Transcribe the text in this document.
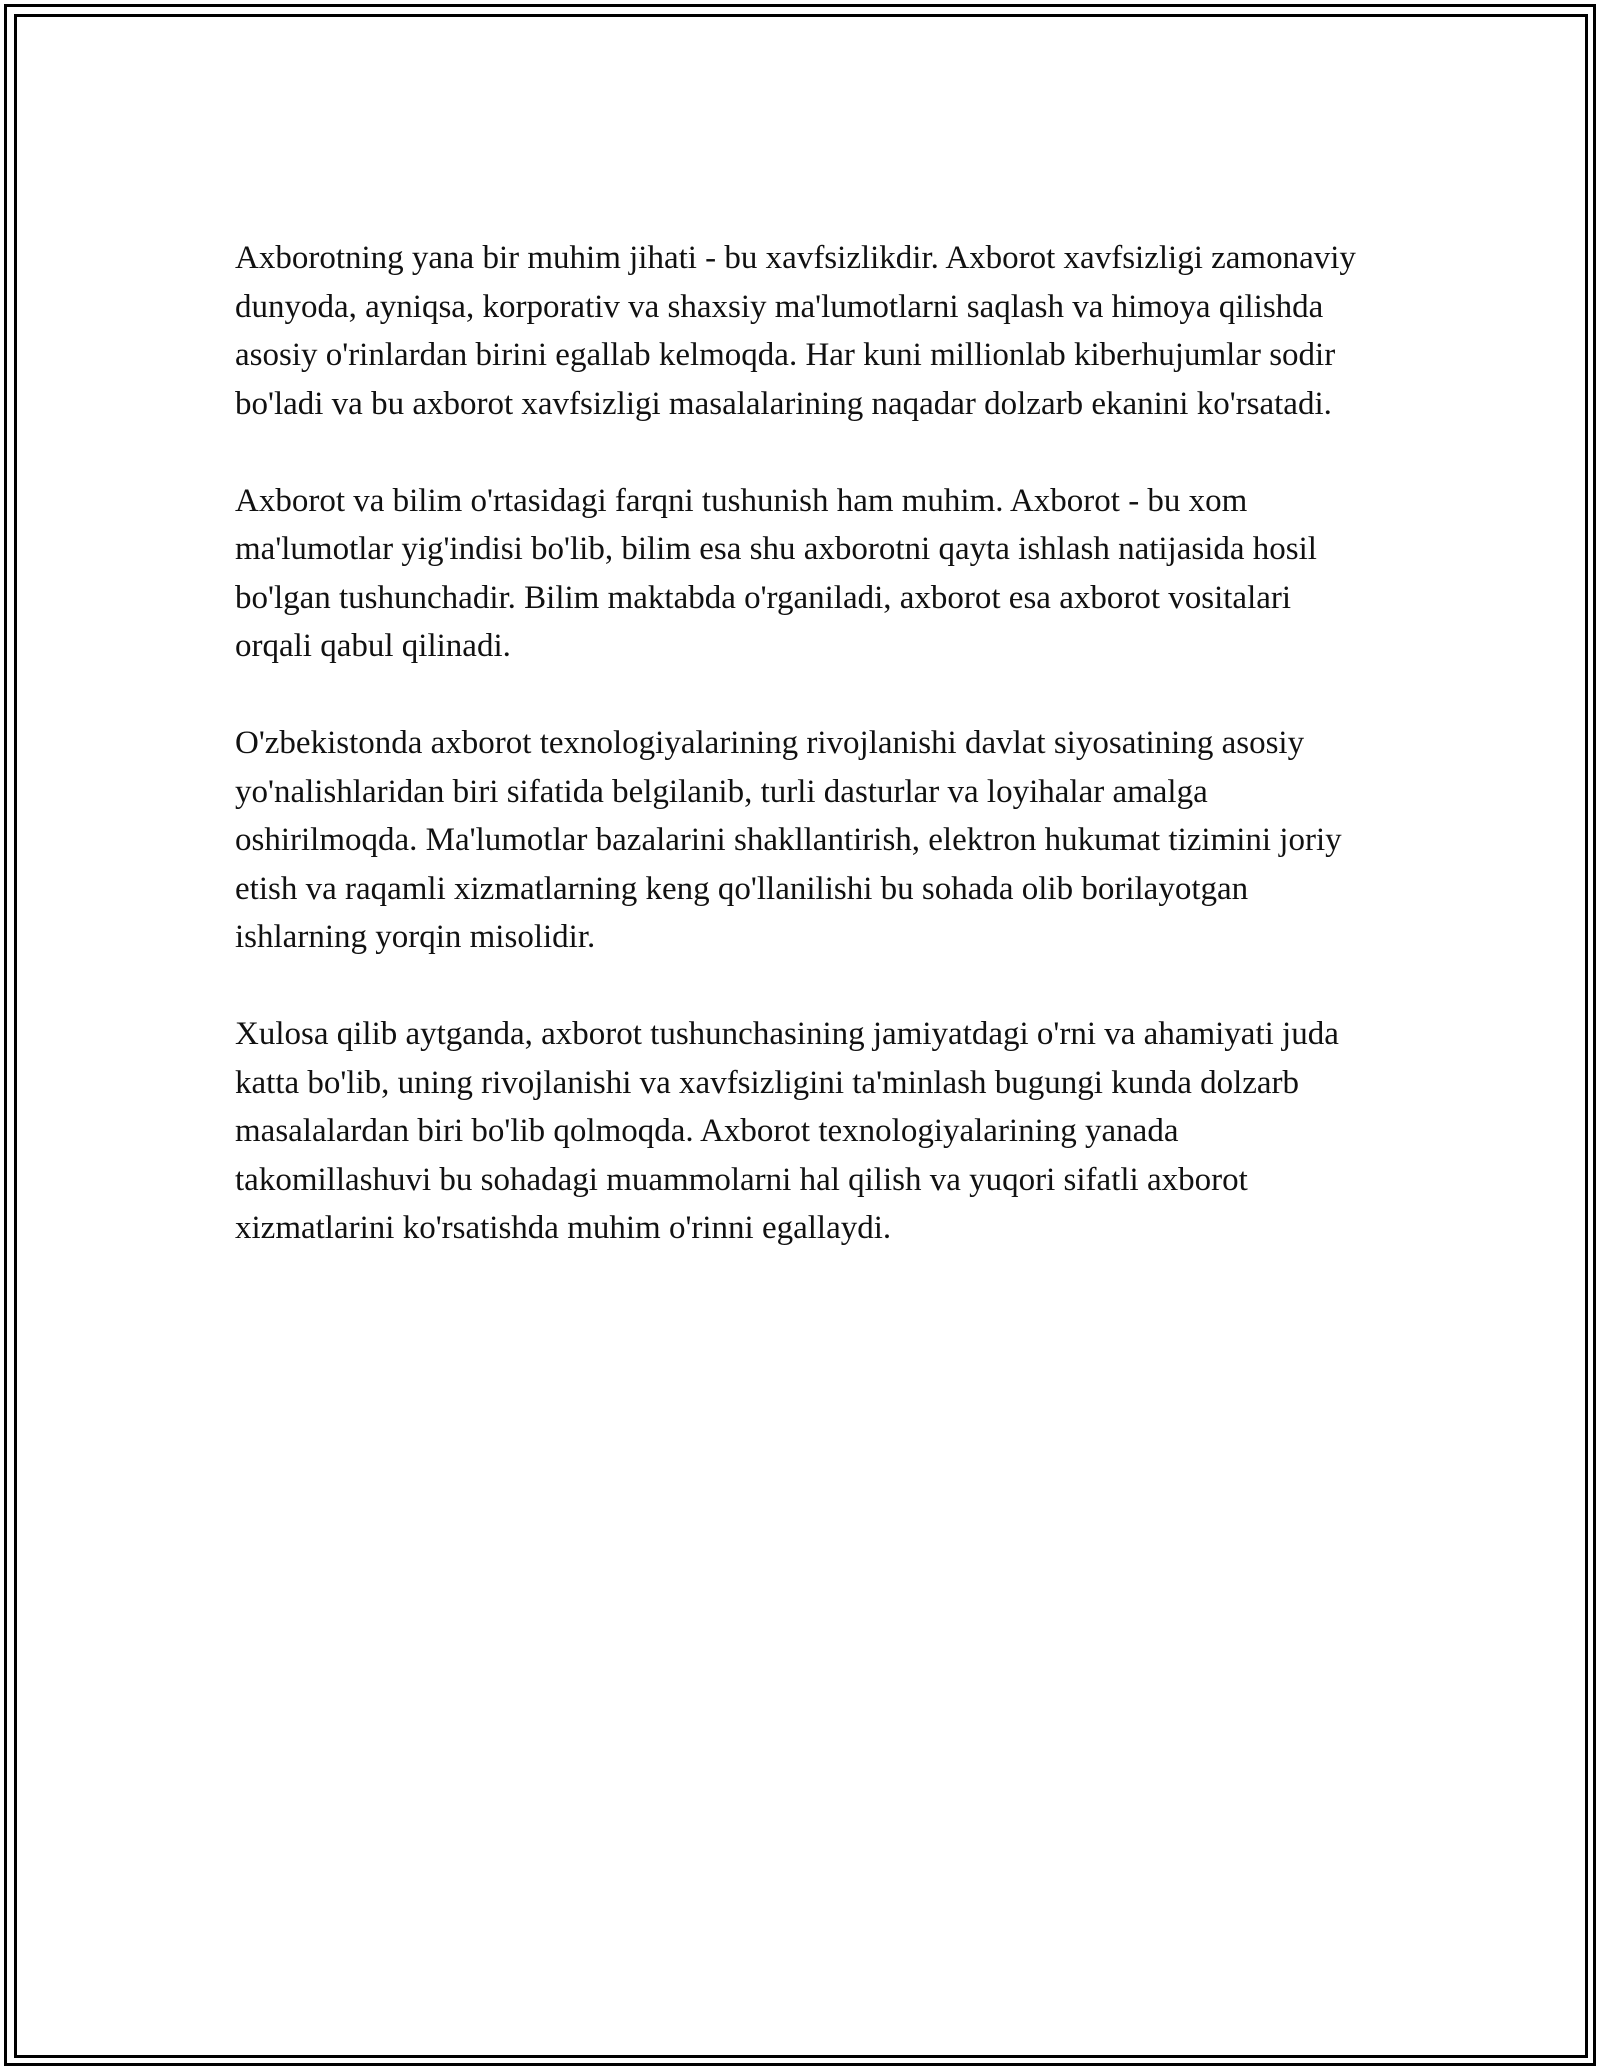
Axborotning yana bir muhim jihati - bu xavfsizlikdir. Axborot xavfsizligi zamonaviy dunyoda, ayniqsa, korporativ va shaxsiy ma'lumotlarni saqlash va himoya qilishda asosiy o'rinlardan birini egallab kelmoqda. Har kuni millionlab kiberhujumlar sodir bo'ladi va bu axborot xavfsizligi masalalarining naqadar dolzarb ekanini ko'rsatadi.

Axborot va bilim o'rtasidagi farqni tushunish ham muhim. Axborot - bu xom ma'lumotlar yig'indisi bo'lib, bilim esa shu axborotni qayta ishlash natijasida hosil bo'lgan tushunchadir. Bilim maktabda o'rganiladi, axborot esa axborot vositalari orqali qabul qilinadi.

O'zbekistonda axborot texnologiyalarining rivojlanishi davlat siyosatining asosiy yo'nalishlaridan biri sifatida belgilanib, turli dasturlar va loyihalar amalga oshirilmoqda. Ma'lumotlar bazalarini shakllantirish, elektron hukumat tizimini joriy etish va raqamli xizmatlarning keng qo'llanilishi bu sohada olib borilayotgan ishlarning yorqin misolidir.

Xulosa qilib aytganda, axborot tushunchasining jamiyatdagi o'rni va ahamiyati juda katta bo'lib, uning rivojlanishi va xavfsizligini ta'minlash bugungi kunda dolzarb masalalardan biri bo'lib qolmoqda. Axborot texnologiyalarining yanada takomillashuvi bu sohadagi muammolarni hal qilish va yuqori sifatli axborot xizmatlarini ko'rsatishda muhim o'rinni egallaydi.
